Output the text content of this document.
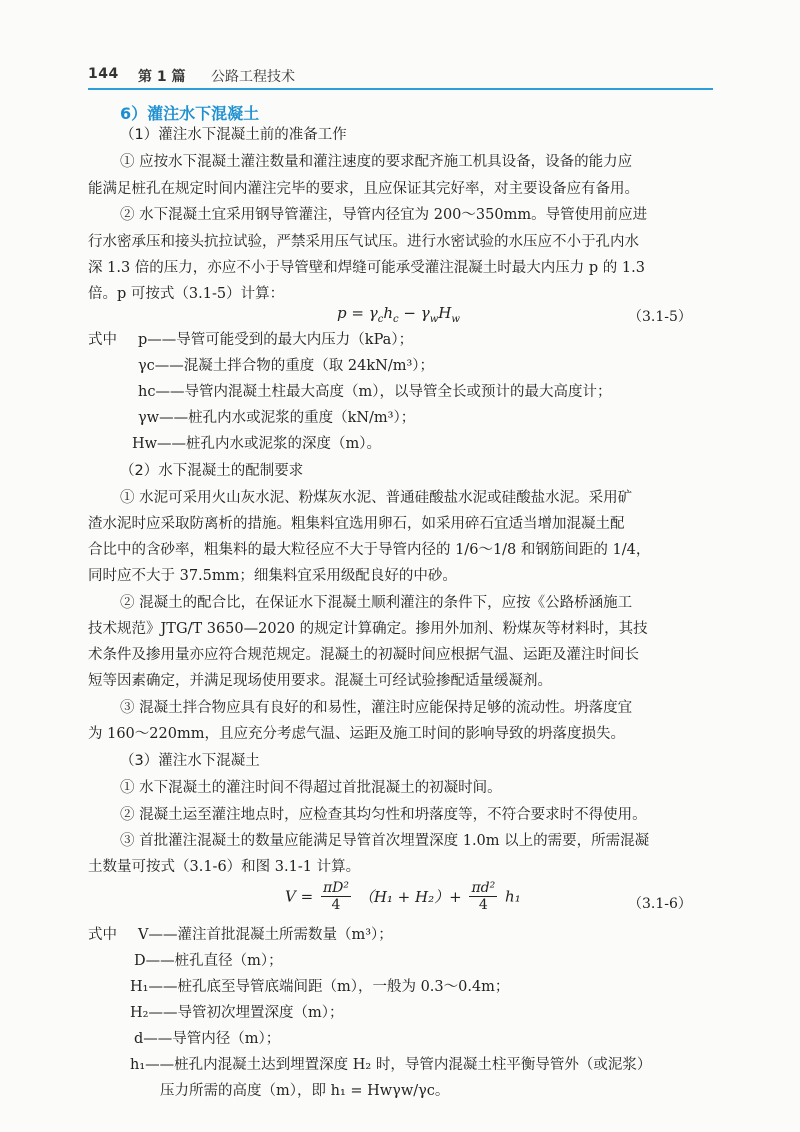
144 第 1 篇 公路工程技术
6）灌注水下混凝土
（1）灌注水下混凝土前的准备工作
① 应按水下混凝土灌注数量和灌注速度的要求配齐施工机具设备，设备的能力应
能满足桩孔在规定时间内灌注完毕的要求，且应保证其完好率，对主要设备应有备用。
② 水下混凝土宜采用钢导管灌注，导管内径宜为 200～350mm。导管使用前应进
行水密承压和接头抗拉试验，严禁采用压气试压。进行水密试验的水压应不小于孔内水
深 1.3 倍的压力，亦应不小于导管壁和焊缝可能承受灌注混凝土时最大内压力 p 的 1.3
倍。p 可按式（3.1-5）计算：
$p = \gamma_ch_c - \gamma_wH_w$	（3.1-5）
式中 p——导管可能受到的最大内压力（kPa）；
γc——混凝土拌合物的重度（取 24kN/m³）；
hc——导管内混凝土柱最大高度（m），以导管全长或预计的最大高度计；
γw——桩孔内水或泥浆的重度（kN/m³）；
Hw——桩孔内水或泥浆的深度（m）。
（2）水下混凝土的配制要求
① 水泥可采用火山灰水泥、粉煤灰水泥、普通硅酸盐水泥或硅酸盐水泥。采用矿
渣水泥时应采取防离析的措施。粗集料宜选用卵石，如采用碎石宜适当增加混凝土配
合比中的含砂率，粗集料的最大粒径应不大于导管内径的 1/6～1/8 和钢筋间距的 1/4，
同时应不大于 37.5mm；细集料宜采用级配良好的中砂。
② 混凝土的配合比，在保证水下混凝土顺利灌注的条件下，应按《公路桥涵施工
技术规范》JTG/T 3650—2020 的规定计算确定。掺用外加剂、粉煤灰等材料时，其技
术条件及掺用量亦应符合规范规定。混凝土的初凝时间应根据气温、运距及灌注时间长
短等因素确定，并满足现场使用要求。混凝土可经试验掺配适量缓凝剂。
③ 混凝土拌合物应具有良好的和易性，灌注时应能保持足够的流动性。坍落度宜
为 160～220mm，且应充分考虑气温、运距及施工时间的影响导致的坍落度损失。
（3）灌注水下混凝土
① 水下混凝土的灌注时间不得超过首批混凝土的初凝时间。
② 混凝土运至灌注地点时，应检查其均匀性和坍落度等，不符合要求时不得使用。
③ 首批灌注混凝土的数量应能满足导管首次埋置深度 1.0m 以上的需要，所需混凝
土数量可按式（3.1-6）和图 3.1-1 计算。
$V = \frac{\text{πD²}}{4} (H_1 + H_2)+ \frac{\text{πd²}}{4} h_1$	（3.1-6）
式中 V——灌注首批混凝土所需数量（m³）；
D——桩孔直径（m）；
H₁——桩孔底至导管底端间距（m），一般为 0.3～0.4m；
H₂——导管初次埋置深度（m）；
d——导管内径（m）；
h₁——桩孔内混凝土达到埋置深度 H₂ 时，导管内混凝土柱平衡导管外（或泥浆）
压力所需的高度（m），即 h₁ = Hwγw/γc。
